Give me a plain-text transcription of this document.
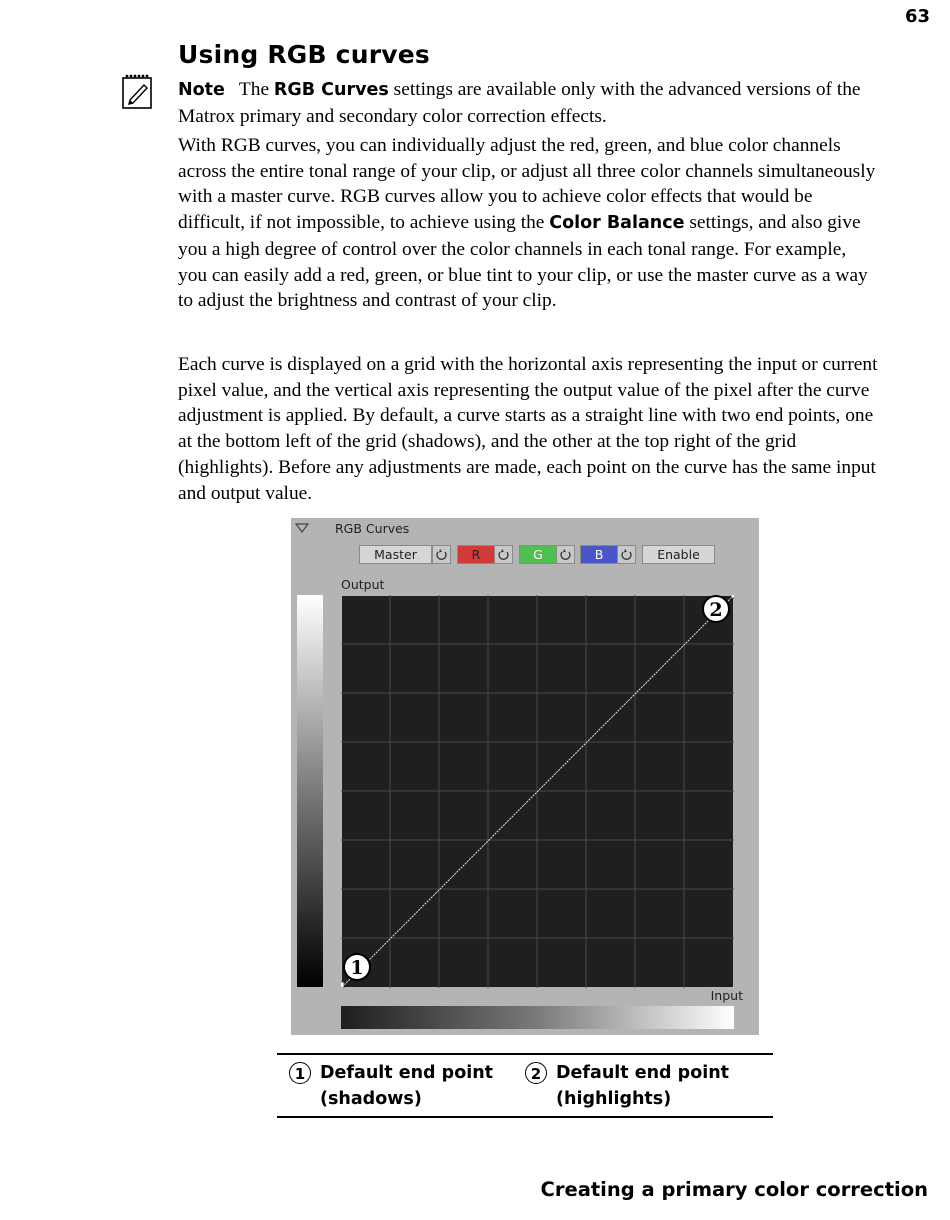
63
Using RGB curves
Note The RGB Curves settings are available only with the advanced versions of the Matrox primary and secondary color correction effects.

With RGB curves, you can individually adjust the red, green, and blue color channels across the entire tonal range of your clip, or adjust all three color channels simultaneously with a master curve. RGB curves allow you to achieve color effects that would be difficult, if not impossible, to achieve using the Color Balance settings, and also give you a high degree of control over the color channels in each tonal range. For example, you can easily add a red, green, or blue tint to your clip, or use the master curve as a way to adjust the brightness and contrast of your clip.

Each curve is displayed on a grid with the horizontal axis representing the input or current pixel value, and the vertical axis representing the output value of the pixel after the curve adjustment is applied. By default, a curve starts as a straight line with two end points, one at the bottom left of the grid (shadows), and the other at the top right of the grid (highlights). Before any adjustments are made, each point on the curve has the same input and output value.

RGB Curves
Master	R	G	B	Enable
Output
1
2
Input
1 Default end point
(shadows)
2 Default end point
(highlights)
Creating a primary color correction
